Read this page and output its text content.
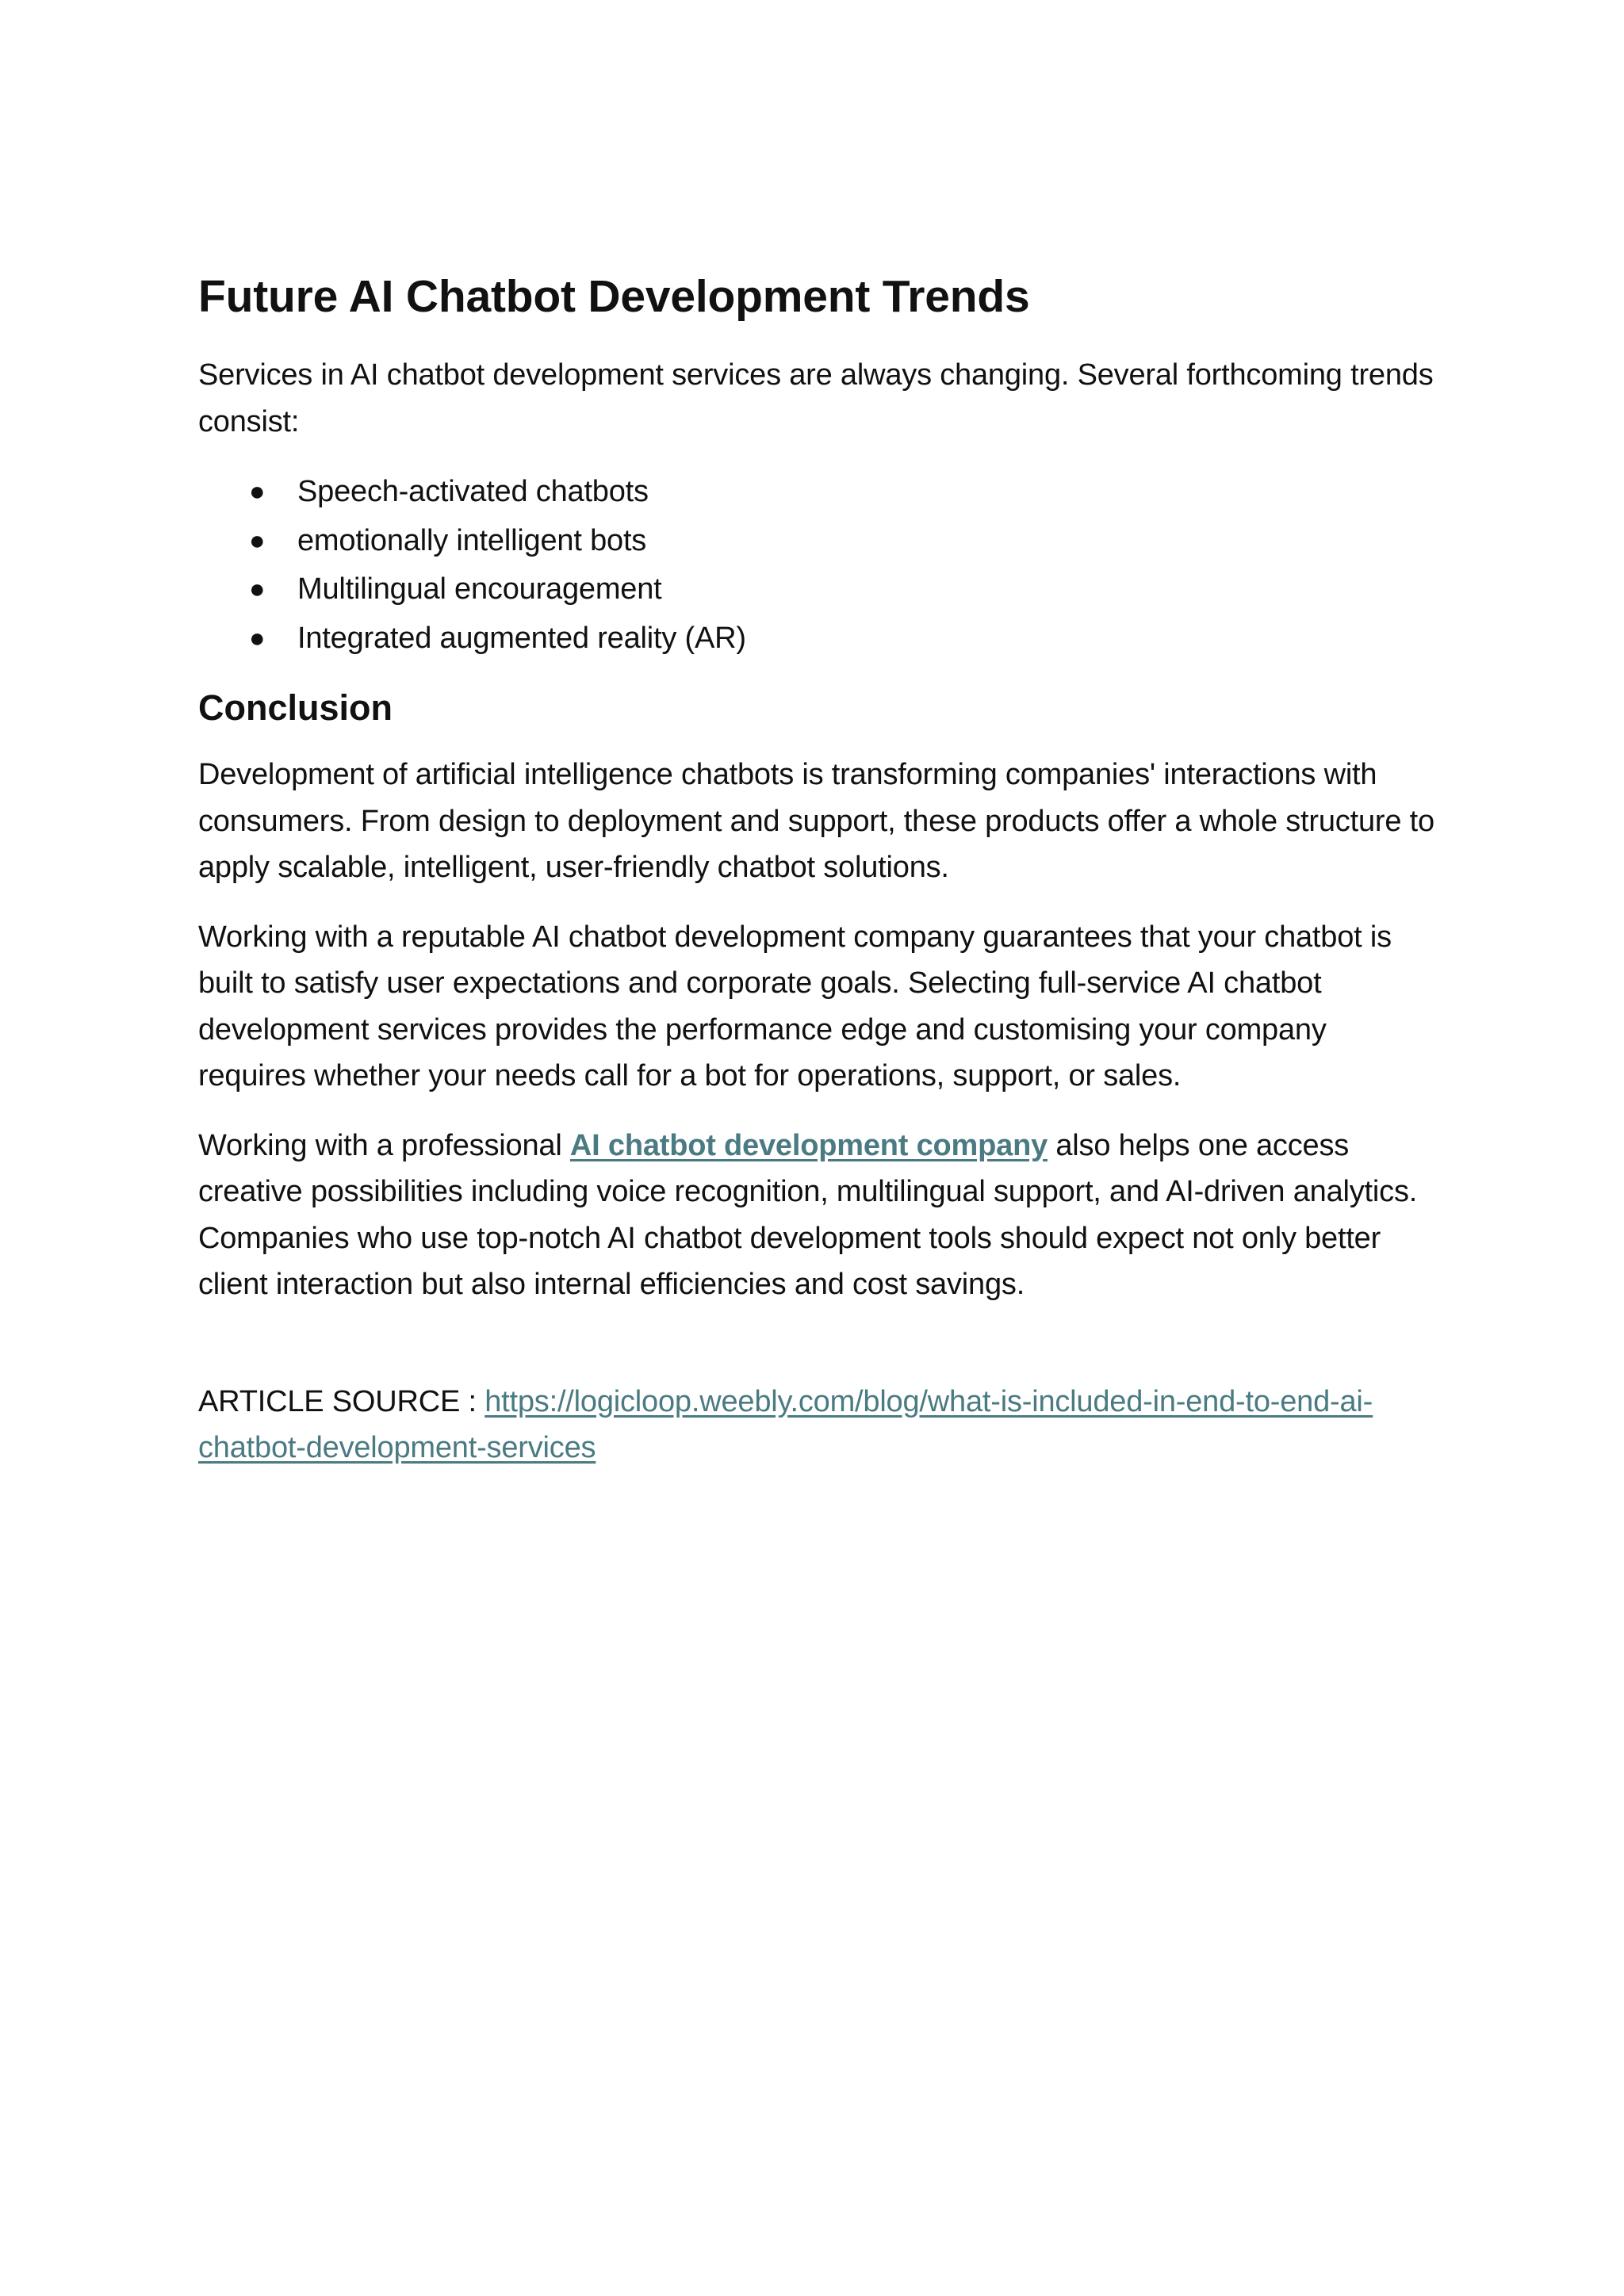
Future AI Chatbot Development Trends

Services in AI chatbot development services are always changing. Several forthcoming trends consist:

● Speech-activated chatbots
● emotionally intelligent bots
● Multilingual encouragement
● Integrated augmented reality (AR)
Conclusion

Development of artificial intelligence chatbots is transforming companies' interactions with consumers. From design to deployment and support, these products offer a whole structure to apply scalable, intelligent, user-friendly chatbot solutions.

Working with a reputable AI chatbot development company guarantees that your chatbot is built to satisfy user expectations and corporate goals. Selecting full-service AI chatbot development services provides the performance edge and customising your company requires whether your needs call for a bot for operations, support, or sales.

Working with a professional AI chatbot development company also helps one access creative possibilities including voice recognition, multilingual support, and AI-driven analytics. Companies who use top-notch AI chatbot development tools should expect not only better client interaction but also internal efficiencies and cost savings.

ARTICLE SOURCE : https://logicloop.weebly.com/blog/what-is-included-in-end-to-end-ai-chatbot-development-services
